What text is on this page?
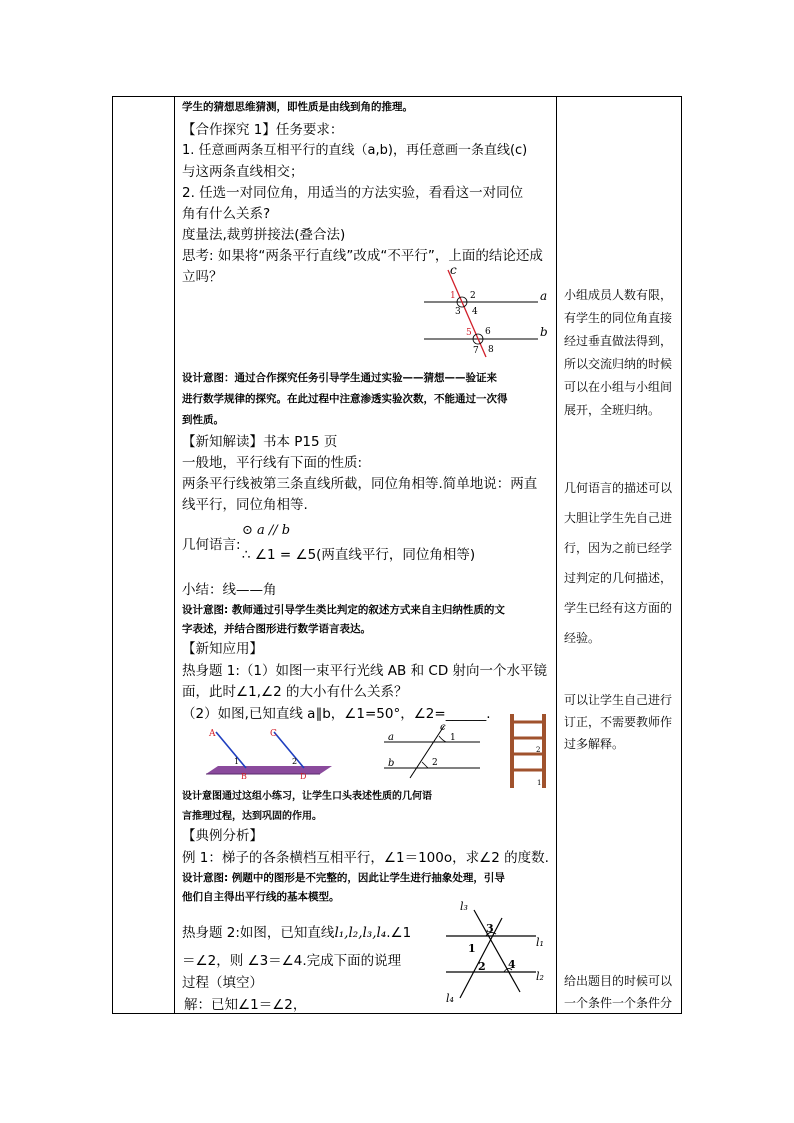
学生的猜想思维猜测，即性质是由线到角的推理。
【合作探究 1】任务要求：
1. 任意画两条互相平行的直线（a,b)，再任意画一条直线(c)
与这两条直线相交；
2. 任选一对同位角，用适当的方法实验，看看这一对同位
角有什么关系?
度量法,裁剪拼接法(叠合法)
思考: 如果将“两条平行直线”改成“不平行”，上面的结论还成
立吗？	c
a
b
1 2
3 4
5 6
7 8
设计意图：通过合作探究任务引导学生通过实验——猜想——验证来
进行数学规律的探究。在此过程中注意渗透实验次数，不能通过一次得
到性质。
【新知解读】书本 P15 页
一般地，平行线有下面的性质:
两条平行线被第三条直线所截，同位角相等.简单地说：两直
线平行，同位角相等.
⊙ a // b
几何语言:
∴ ∠1 = ∠5(两直线平行，同位角相等)
小结：线——角
设计意图: 教师通过引导学生类比判定的叙述方式来自主归纳性质的文
字表述，并结合图形进行数学语言表达。
【新知应用】
热身题 1:（1）如图一束平行光线 AB 和 CD 射向一个水平镜
面，此时∠1,∠2 的大小有什么关系？
（2）如图,已知直线 a∥b，∠1=50°，∠2=______.
A	C
B	D
1	2
a
b
c
1
2
2
1
设计意图通过这组小练习，让学生口头表述性质的几何语
言推理过程，达到巩固的作用。
【典例分析】
例 1：梯子的各条横档互相平行，∠1＝100o，求∠2 的度数.
设计意图: 例题中的图形是不完整的，因此让学生进行抽象处理，引导
他们自主得出平行线的基本模型。
热身题 2:如图，已知直线l₁,l₂,l₃,l₄.∠1
＝∠2，则 ∠3＝∠4.完成下面的说理
过程（填空）
解：已知∠1＝∠2，
l₃
l₁
l₂
l₄
3
1
2 4
小组成员人数有限，
有学生的同位角直接
经过垂直做法得到，
所以交流归纳的时候
可以在小组与小组间
展开，全班归纳。
几何语言的描述可以
大胆让学生先自己进
行，因为之前已经学
过判定的几何描述，
学生已经有这方面的
经验。
可以让学生自己进行
订正，不需要教师作
过多解释。
给出题目的时候可以
一个条件一个条件分
